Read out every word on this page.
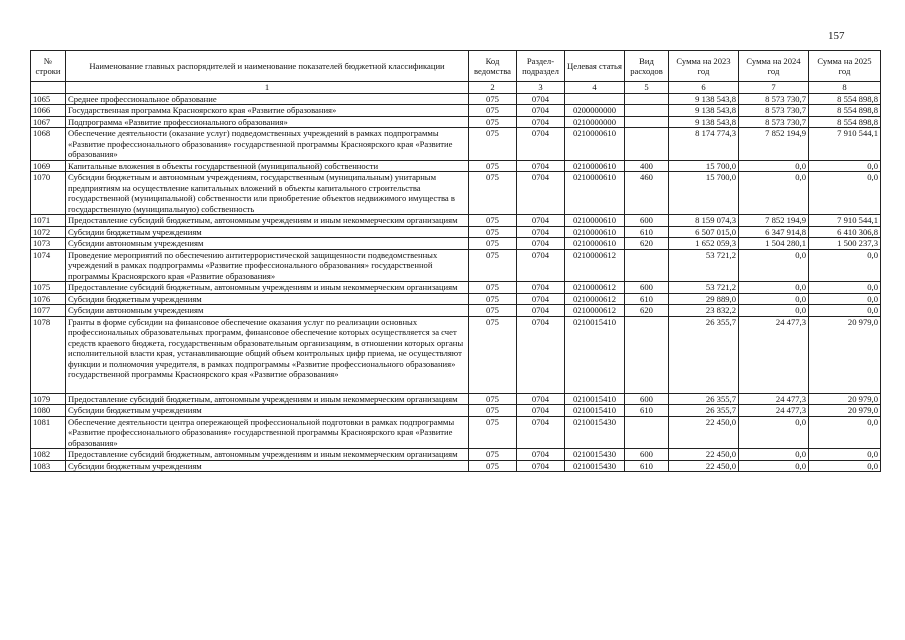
157
№ строки	Наименование главных распорядителей и наименование показателей бюджетной классификации	Код ведомства	Раздел-подраздел	Целевая статья	Вид расходов	Сумма на 2023 год	Сумма на 2024 год	Сумма на 2025 год
	1	2	3	4	5	6	7	8
1065	Среднее профессиональное образование	075	0704			9 138 543,8	8 573 730,7	8 554 898,8
1066	Государственная программа Красноярского края «Развитие образования»	075	0704	0200000000		9 138 543,8	8 573 730,7	8 554 898,8
1067	Подпрограмма «Развитие профессионального образования»	075	0704	0210000000		9 138 543,8	8 573 730,7	8 554 898,8
1068	Обеспечение деятельности (оказание услуг) подведомственных учреждений в рамках подпрограммы «Развитие профессионального образования» государственной программы Красноярского края «Развитие образования»	075	0704	0210000610		8 174 774,3	7 852 194,9	7 910 544,1
1069	Капитальные вложения в объекты государственной (муниципальной) собственности	075	0704	0210000610	400	15 700,0	0,0	0,0
1070	Субсидии бюджетным и автономным учреждениям, государственным (муниципальным) унитарным предприятиям на осуществление капитальных вложений в объекты капитального строительства государственной (муниципальной) собственности или приобретение объектов недвижимого имущества в государственную (муниципальную) собственность	075	0704	0210000610	460	15 700,0	0,0	0,0
1071	Предоставление субсидий бюджетным, автономным учреждениям и иным некоммерческим организациям	075	0704	0210000610	600	8 159 074,3	7 852 194,9	7 910 544,1
1072	Субсидии бюджетным учреждениям	075	0704	0210000610	610	6 507 015,0	6 347 914,8	6 410 306,8
1073	Субсидии автономным учреждениям	075	0704	0210000610	620	1 652 059,3	1 504 280,1	1 500 237,3
1074	Проведение мероприятий по обеспечению антитеррористической защищенности подведомственных учреждений в рамках подпрограммы «Развитие профессионального образования» государственной программы Красноярского края «Развитие образования»	075	0704	0210000612		53 721,2	0,0	0,0
1075	Предоставление субсидий бюджетным, автономным учреждениям и иным некоммерческим организациям	075	0704	0210000612	600	53 721,2	0,0	0,0
1076	Субсидии бюджетным учреждениям	075	0704	0210000612	610	29 889,0	0,0	0,0
1077	Субсидии автономным учреждениям	075	0704	0210000612	620	23 832,2	0,0	0,0
1078	Гранты в форме субсидии на финансовое обеспечение оказания услуг по реализации основных профессиональных образовательных программ, финансовое обеспечение которых осуществляется за счет средств краевого бюджета, государственным образовательным организациям, в отношении которых органы исполнительной власти края, устанавливающие общий объем контрольных цифр приема, не осуществляют функции и полномочия учредителя, в рамках подпрограммы «Развитие профессионального образования» государственной программы Красноярского края «Развитие образования»	075	0704	0210015410		26 355,7	24 477,3	20 979,0
1079	Предоставление субсидий бюджетным, автономным учреждениям и иным некоммерческим организациям	075	0704	0210015410	600	26 355,7	24 477,3	20 979,0
1080	Субсидии бюджетным учреждениям	075	0704	0210015410	610	26 355,7	24 477,3	20 979,0
1081	Обеспечение деятельности центра опережающей профессиональной подготовки в рамках подпрограммы «Развитие профессионального образования» государственной программы Красноярского края «Развитие образования»	075	0704	0210015430		22 450,0	0,0	0,0
1082	Предоставление субсидий бюджетным, автономным учреждениям и иным некоммерческим организациям	075	0704	0210015430	600	22 450,0	0,0	0,0
1083	Субсидии бюджетным учреждениям	075	0704	0210015430	610	22 450,0	0,0	0,0
